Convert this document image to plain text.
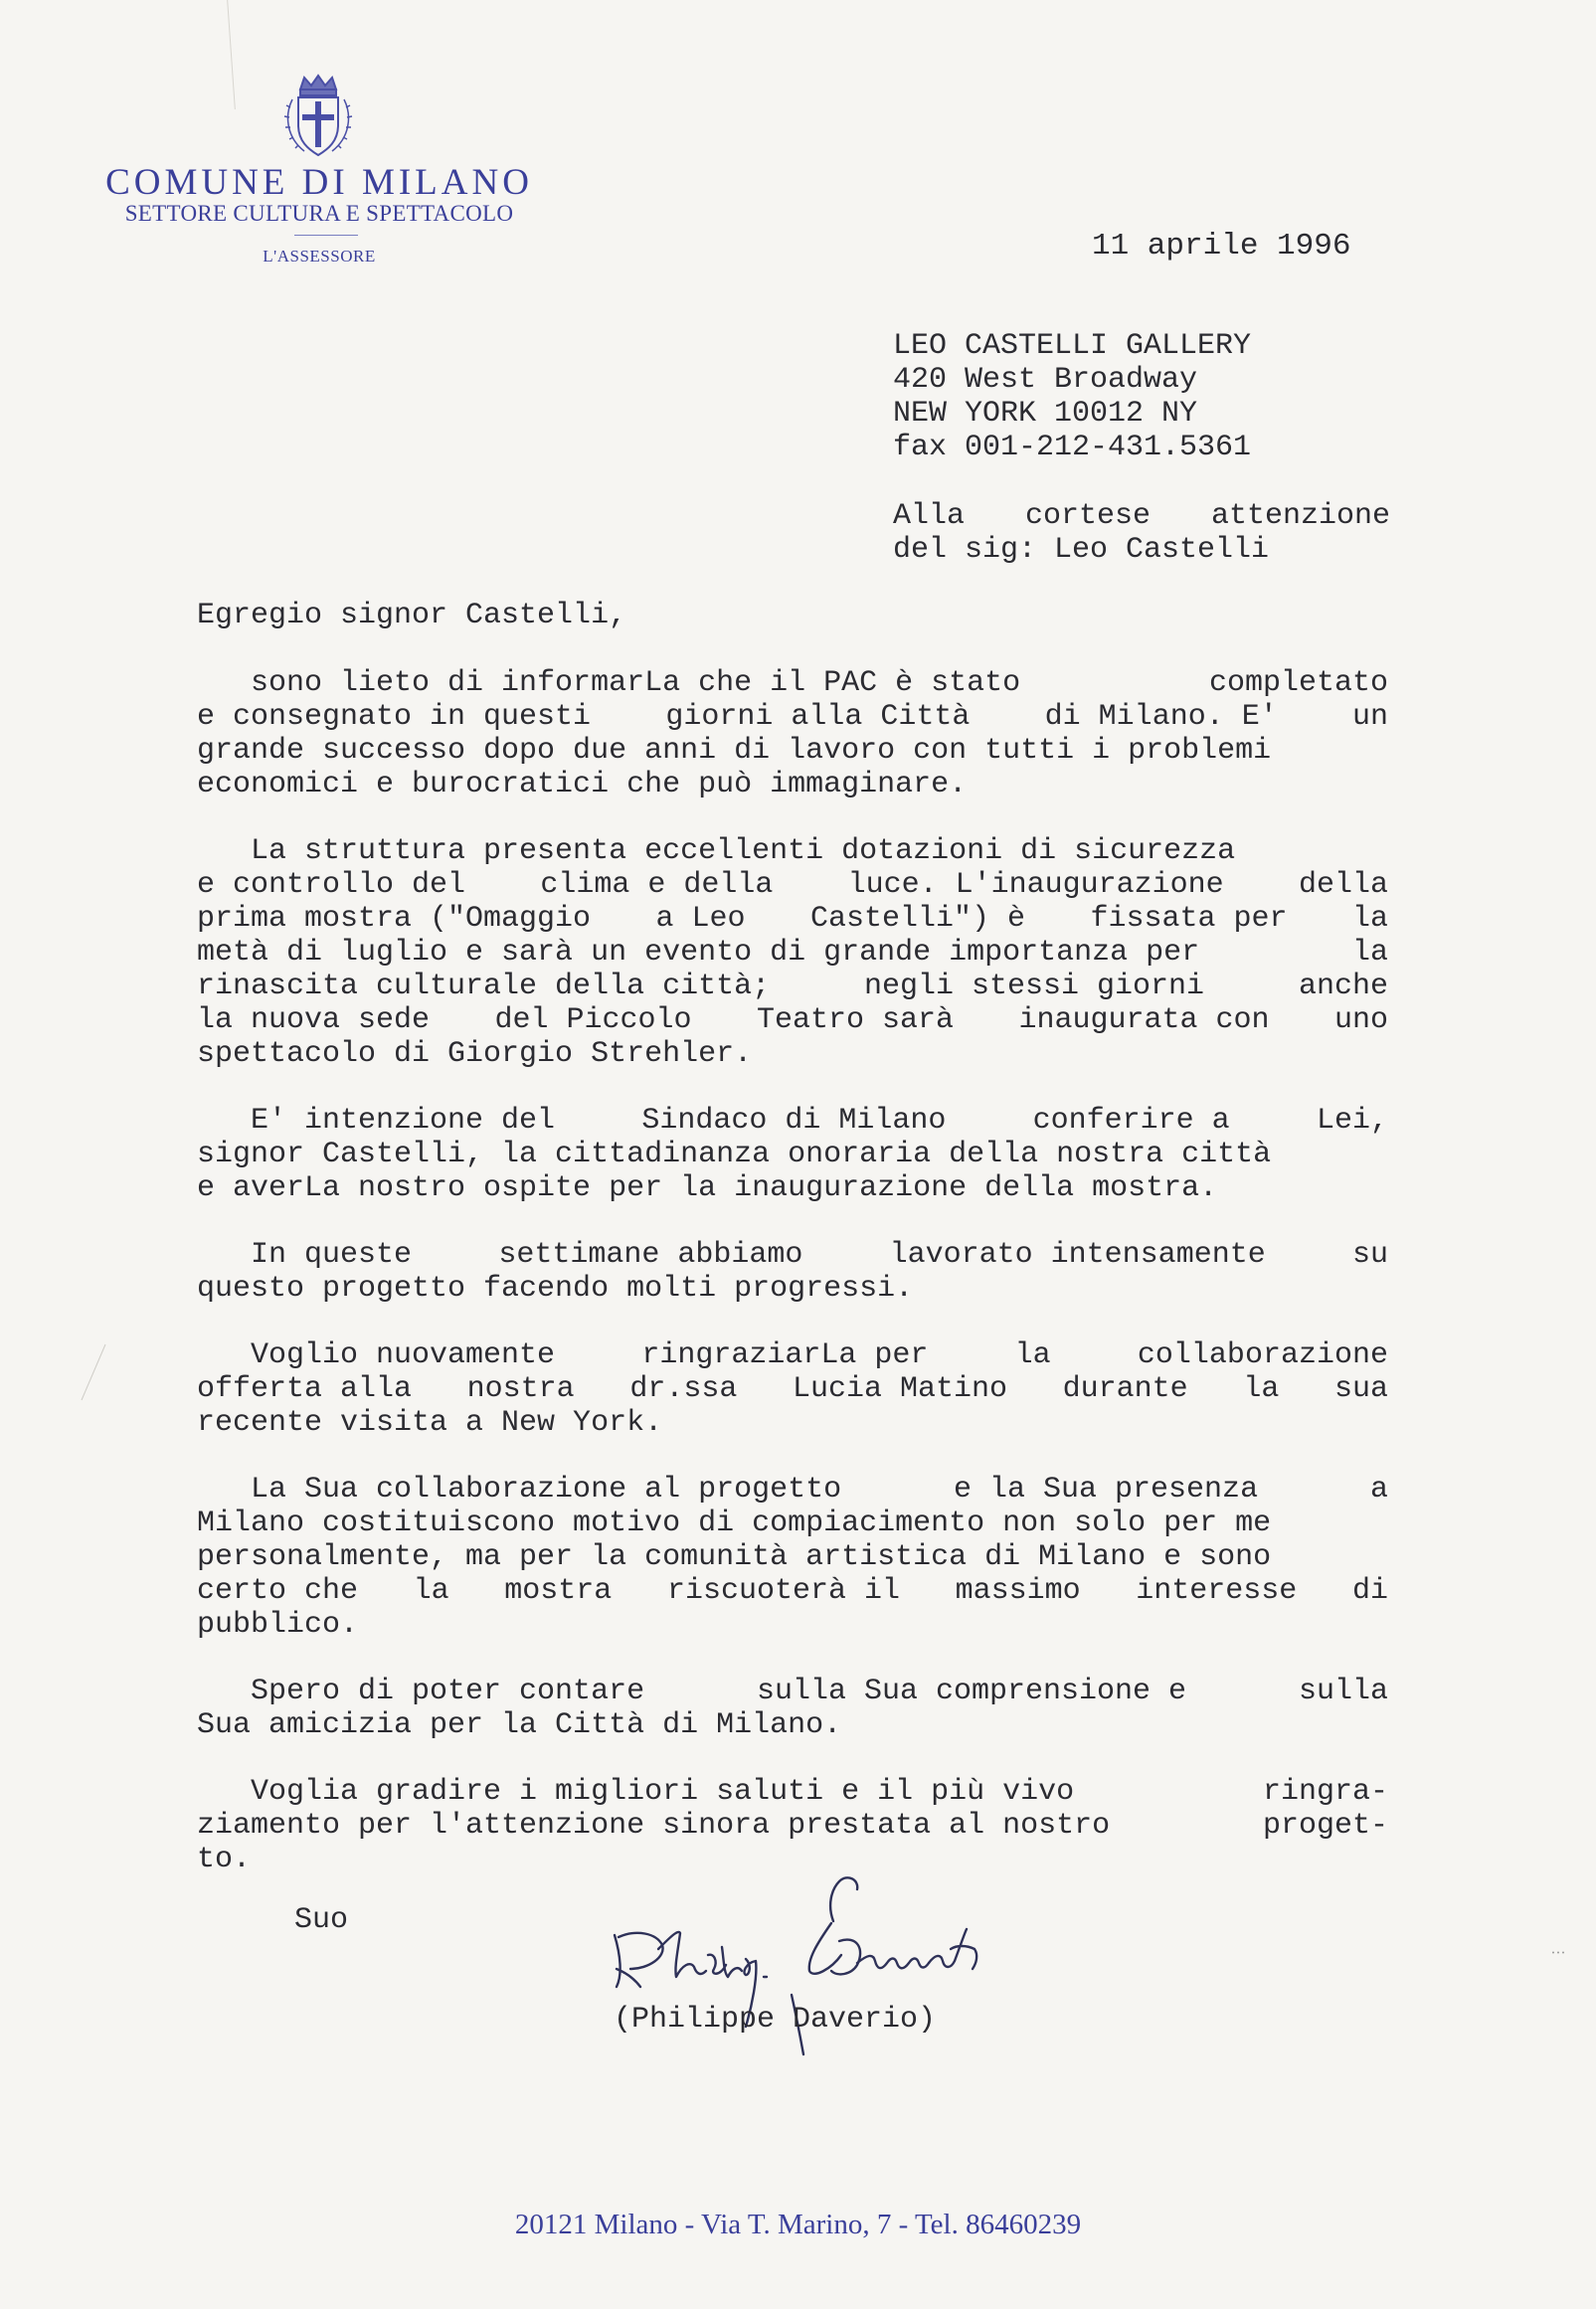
COMUNE DI MILANO
SETTORE CULTURA E SPETTACOLO
L'ASSESSORE	11 aprile 1996
LEO CASTELLI GALLERY
420 West Broadway
NEW YORK 10012 NY
fax 001-212-431.5361
Alla cortese attenzione
del sig: Leo Castelli
Egregio signor Castelli,
sono lieto di informarLa che il PAC è stato	completato
e consegnato in questi	giorni alla Città	di Milano. E'	un
grande successo dopo due anni di lavoro con tutti i problemi
economici e burocratici che può immaginare.
La struttura presenta eccellenti dotazioni di sicurezza
e controllo del	clima e della	luce. L'inaugurazione	della
prima mostra ("Omaggio a Leo Castelli") è fissata per la
metà di luglio e sarà un evento di grande importanza per	la
rinascita culturale della città;	negli stessi giorni	anche
la nuova sede del Piccolo Teatro sarà inaugurata con uno
spettacolo di Giorgio Strehler.
E' intenzione del	Sindaco di Milano	conferire a	Lei,
signor Castelli, la cittadinanza onoraria della nostra città
e averLa nostro ospite per la inaugurazione della mostra.
In queste	settimane abbiamo	lavorato intensamente	su
questo progetto facendo molti progressi.
Voglio nuovamente	ringraziarLa per	la	collaborazione
offerta alla nostra dr.ssa Lucia Matino durante la sua
recente visita a New York.
La Sua collaborazione al progetto	e la Sua presenza	a
Milano costituiscono motivo di compiacimento non solo per me
personalmente, ma per la comunità artistica di Milano e sono
certo che la mostra riscuoterà il massimo interesse di
pubblico.
Spero di poter contare	sulla Sua comprensione e	sulla
Sua amicizia per la Città di Milano.
Voglia gradire i migliori saluti e il più vivo	ringra-
ziamento per l'attenzione sinora prestata al nostro	proget-
to.
Suo
(Philippe Daverio)
20121 Milano - Via T. Marino, 7 - Tel. 86460239
